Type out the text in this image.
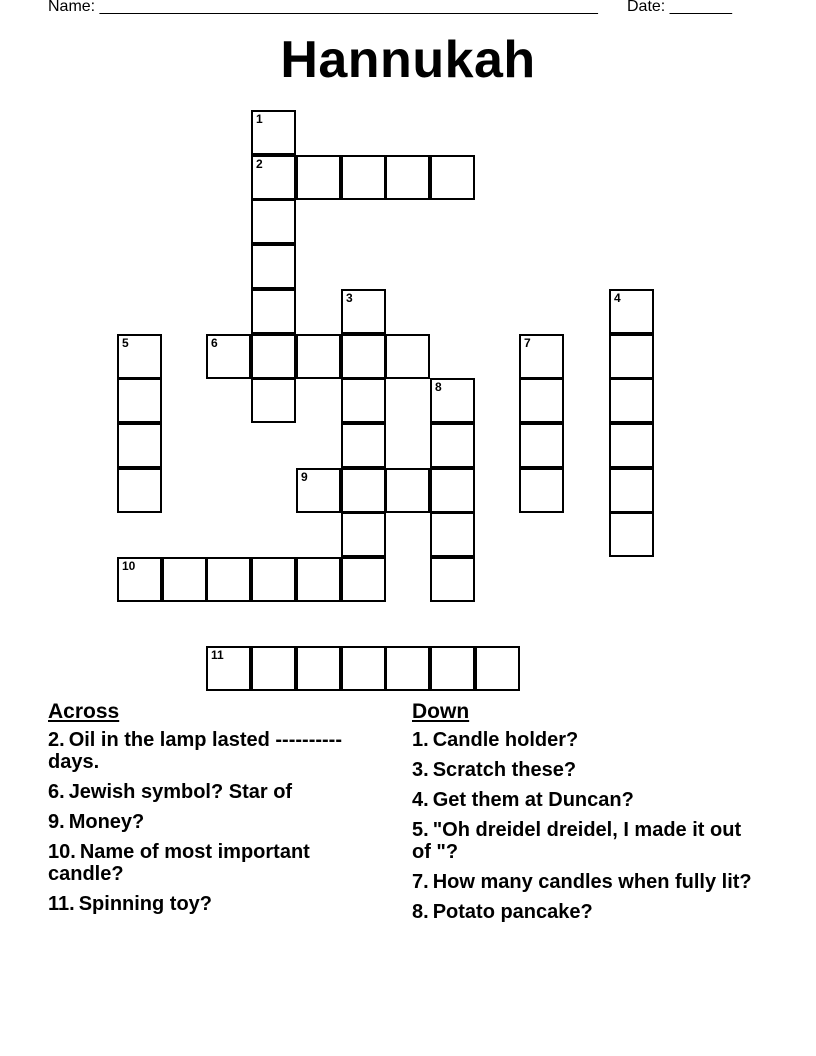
Name: ________________________________________________________ Date: _______
Hannukah
1
2
3	4
5	6	7
8
9
10
11
Across
2. Oil in the lamp lasted ---------- days.
6. Jewish symbol? Star of
9. Money?
10. Name of most important candle?
11. Spinning toy?
Down
1. Candle holder?
3. Scratch these?
4. Get them at Duncan?
5. "Oh dreidel dreidel, I made it out of "?
7. How many candles when fully lit?
8. Potato pancake?
